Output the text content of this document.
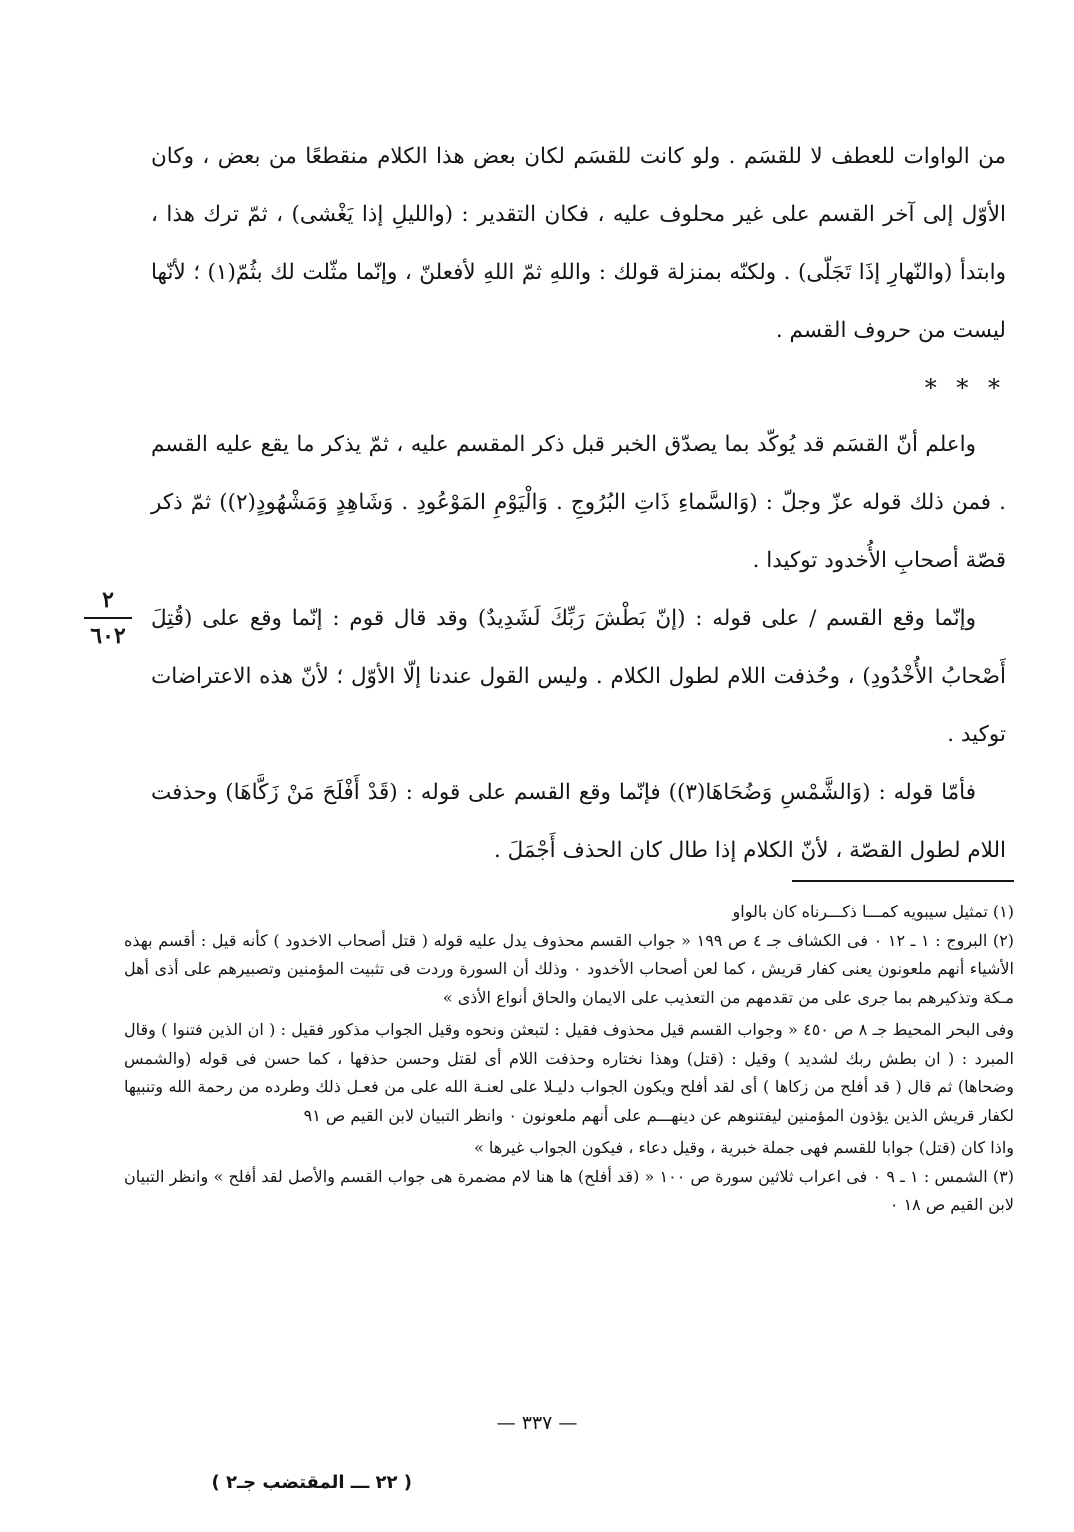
من الواوات للعطف لا للقسَم . ولو كانت للقسَم لكان بعض هذا الكلام منقطعًا من بعض ، وكان الأوّل إلى آخر القسم على غير محلوف عليه ، فكان التقدير : (والليلِ إذا يَغْشى) ، ثمّ ترك هذا ، وابتدأ (والنّهارِ إذَا تَجَلّى) . ولكنّه بمنزلة قولك : واللهِ ثمّ اللهِ لأفعلنّ ، وإنّما مثّلت لك بثُمّ(١) ؛ لأنّها ليست من حروف القسم .

* * *

واعلم أنّ القسَم قد يُوكّد بما يصدّق الخبر قبل ذكر المقسم عليه ، ثمّ يذكر ما يقع عليه القسم . فمن ذلك قوله عزّ وجلّ : (وَالسَّماءِ ذَاتِ البُرُوجِ . وَالْيَوْمِ المَوْعُودِ . وَشَاهِدٍ وَمَشْهُودٍ(٢)) ثمّ ذكر قصّة أصحابِ الأُخدود توكيدا .

وإنّما وقع القسم / على قوله : (إنّ بَطْشَ رَبِّكَ لَشَدِيدٌ) وقد قال قوم : إنّما وقع على (قُتِلَ أَصْحابُ الأُخْدُودِ) ، وحُذفت اللام لطول الكلام . وليس القول عندنا إلّا الأوّل ؛ لأنّ هذه الاعتراضات توكيد .

فأمّا قوله : (وَالشَّمْسِ وَضُحَاهَا(٣)) فإنّما وقع القسم على قوله : (قَدْ أَفْلَحَ مَنْ زَكَّاهَا) وحذفت اللام لطول القصّة ، لأنّ الكلام إذا طال كان الحذف أَجْمَلَ .

٢
٦٠٢

(١) تمثيل سيبويه كمـــا ذكـــرناه كان بالواو

(٢) البروج : ١ ـ ١٢ ٠ فى الكشاف جـ ٤ ص ١٩٩ « جواب القسم محذوف يدل عليه قوله ( قتل أصحاب الاخدود ) كأنه قيل : أقسم بهذه الأشياء أنهم ملعونون يعنى كفار قريش ، كما لعن أصحاب الأخدود ٠ وذلك أن السورة وردت فى تثبيت المؤمنين وتصبيرهم على أذى أهل مـكة وتذكيرهم بما جرى على من تقدمهم من التعذيب على الايمان والحاق أنواع الأذى »

وفى البحر المحيط جـ ٨ ص ٤٥٠ « وجواب القسم قيل محذوف فقيل : لتبعثن ونحوه وقيل الجواب مذكور فقيل : ( ان الذين فتنوا ) وقال المبرد : ( ان بطش ربك لشديد ) وقيل : (قتل) وهذا نختاره وحذفت اللام أى لقتل وحسن حذفها ، كما حسن فى قوله (والشمس وضحاها) ثم قال ( قد أفلح من زكاها ) أى لقد أفلح ويكون الجواب دليـلا على لعنـة الله على من فعـل ذلك وطرده من رحمة الله وتنبيها لكفار قريش الذين يؤذون المؤمنين ليفتنوهم عن دينهـــم على أنهم ملعونون ٠ وانظر التبيان لابن القيم ص ٩١

واذا كان (قتل) جوابا للقسم فهى جملة خبرية ، وقيل دعاء ، فيكون الجواب غيرها »

(٣) الشمس : ١ ـ ٩ ٠ فى اعراب ثلاثين سورة ص ١٠٠ « (قد أفلح) ها هنا لام مضمرة هى جواب القسم والأصل لقد أفلح » وانظر التبيان لابن القيم ص ١٨ ٠

— ٣٣٧ —
( ٢٢ ـــ المقتضب جـ٢ )
